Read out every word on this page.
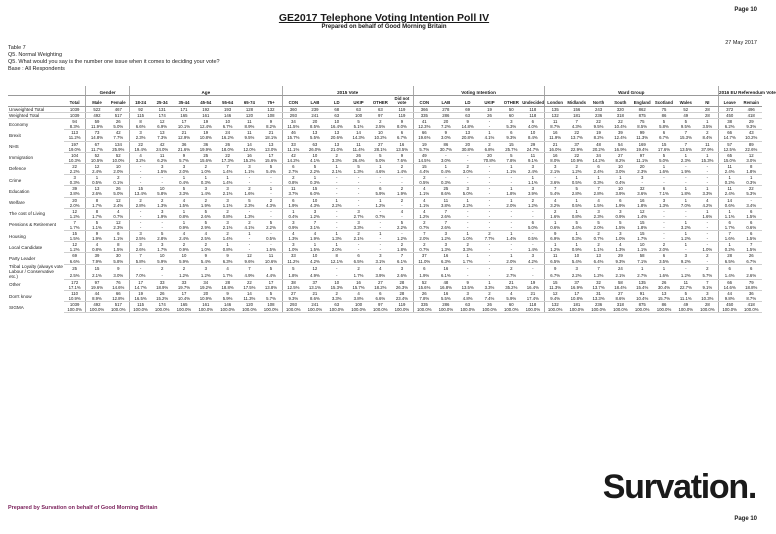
Page 10
GE2017 Telephone Voting Intention Poll IV
Prepared on behalf of Good Morning Britain
27 May 2017
Table 7
Q5. Normal Weighting
Q5. What would you say is the number one issue when it comes to deciding your vote?
Base : All Respondents
		Gender		Age							2015 Vote						Voting Intention						Ward Group								2016 EU Referendum Vote	
	Total	Male	Female	18-24	25-34	35-44	45-54	55-64	65-74	75+	CON	LAB	LD	UKIP	OTHER	Did not vote	CON	LAB	LD	UKIP	OTHER	Undecided	London	Midlands	North	South	England	Scotland	Wales	NI	Leave	Remain
Unweighted Total	1039	522	467	92	131	171	192	193	128	132	360	239	68	63	63	119	366	278	69	19	50	118	135	156	243	320	862	75	52	28	372	496
Weighted Total	1039	492	517	115	174	165	161	146	120	108	293	241	63	100	97	119	335	286	63	26	60	118	132	181	236	318	875	86	49	28	450	418
Economy	94	59	26	8	12	17	19	10	11	9	34	20	10	5	2	9	41	20	9	-	3	6	11	7	22	22	75	5	5	1	38	29
	8.3%	11.9%	5.0%	6.6%	6.9%	10.1%	12.4%	6.7%	8.9%	8.2%	11.5%	8.5%	16.4%	5.1%	2.5%	8.0%	12.3%	7.2%	14.8%	-	5.3%	4.0%	8.7%	4.3%	9.5%	10.4%	8.5%	5.8%	9.5%	3.5%	6.2%	9.3%
Brexit	113	73	42	3	13	21	19	24	11	21	46	13	13	14	10	6	66	9	13	1	6	10	16	22	19	39	99	6	7	2	66	43
	11.2%	14.8%	7.7%	2.3%	7.3%	12.9%	10.8%	16.2%	9.5%	18.1%	15.7%	5.5%	20.6%	14.3%	10.2%	6.7%	19.6%	3.0%	20.8%	4.1%	9.3%	8.4%	11.9%	13.7%	8.2%	12.4%	11.3%	6.7%	15.3%	8.4%	14.7%	10.2%
NHS	197	67	134	22	42	36	36	26	14	13	33	63	13	11	27	16	19	86	20	2	15	29	21	37	48	54	169	15	7	11	57	89
	19.0%	11.7%	25.9%	19.4%	24.0%	21.6%	19.9%	18.0%	12.0%	13.0%	11.1%	26.0%	21.0%	11.4%	28.1%	13.5%	5.7%	30.7%	30.8%	6.8%	25.7%	24.7%	16.0%	22.9%	20.2%	16.9%	19.4%	17.6%	13.5%	37.9%	12.5%	22.6%
Immigration	104	52	52	4	11	9	25	22	16	17	42	10	2	26	5	9	49	-	-	20	5	11	16	22	34	27	97	5	1	1	65	12
	10.3%	10.5%	10.0%	3.2%	6.2%	5.7%	15.6%	17.3%	15.2%	15.6%	14.2%	4.1%	3.3%	26.4%	5.0%	7.6%	14.5%	3.0%	-	70.8%	7.8%	9.1%	8.0%	10.9%	14.2%	8.2%	11.1%	5.0%	2.3%	15.3%	15.0%	3.0%
Defence	22	12	10	-	3	3	2	7	3	5	6	5	1	5	1	2	15	1	2	-	1	3	3	2	6	10	20	1	-	-	11	8
	2.2%	2.4%	2.0%	-	1.5%	2.0%	1.0%	1.4%	1.1%	5.4%	2.7%	2.2%	2.1%	1.3%	4.6%	1.4%	4.4%	0.4%	3.0%	-	1.1%	2.4%	2.1%	1.2%	2.4%	3.0%	2.3%	1.6%	1.9%	-	2.4%	1.8%
Crime	3	1	2	-	-	1	1	1	-	-	2	1	-	-	-	-	2	-	-	-	-	1	-	1	1	1	3	-	-	-	1	1
	0.3%	0.5%	0.1%	-	-	0.4%	0.3%	1.4%	-	-	0.8%	0.3%	-	-	-	-	0.5%	0.3%	-	-	-	1.1%	3.6%	0.5%	0.3%	0.4%	-	-	-	-	0.2%	0.3%
Education	39	13	26	15	10	5	3	3	2	1	11	15	-	-	6	2	4	25	3	-	1	3	7	5	7	10	32	6	1	1	11	22
	3.8%	2.6%	5.0%	13.4%	5.8%	3.3%	1.4%	2.1%	1.6%	-	3.7%	6.0%	-	-	5.9%	1.9%	1.1%	8.6%	5.0%	-	1.8%	3.9%	5.4%	2.8%	2.8%	3.9%	3.6%	7.1%	1.8%	3.3%	2.4%	5.3%
Welfare	20	8	12	2	2	4	2	3	5	2	6	10	1	-	1	2	4	11	1	-	1	2	4	1	4	6	16	3	1	4	14	-
	2.0%	1.7%	2.4%	2.8%	1.3%	1.5%	1.9%	1.1%	2.3%	4.3%	1.9%	4.3%	2.2%	-	1.2%	-	1.1%	3.8%	2.2%	-	2.0%	1.2%	3.2%	0.5%	1.5%	1.9%	1.8%	1.3%	7.0%	4.2%	0.6%	3.4%
The cost of Living	12	8	4	-	3	1	5	2	-	-	1	3	-	3	-	4	4	7	-	-	-	-	2	1	3	3	12	-	-	1	1	6
	1.2%	1.7%	0.7%	-	1.9%	0.8%	2.6%	0.8%	1.3%	-	0.4%	1.2%	-	2.7%	0.7%	-	1.2%	2.6%	-	-	-	-	1.6%	0.8%	2.3%	0.9%	1.4%	-	-	1.6%	1.1%	1.5%
Pensions & Retirement	7	5	12	-	-	1	5	3	2	5	3	7	-	3	-	5	2	7	-	-	-	6	1	5	5	5	15	-	1	-	6	6
	1.7%	1.1%	2.3%	-	-	0.9%	2.9%	2.1%	4.1%	2.2%	0.9%	3.1%	-	3.3%	-	2.2%	0.7%	2.6%	-	-	-	5.0%	0.6%	3.4%	2.0%	1.5%	1.8%	-	3.2%	-	1.7%	0.6%
Housing	15	9	6	3	5	4	4	2	1	-	4	4	1	2	1	-	7	3	1	2	1	-	9	1	2	3	15	-	1	-	7	6
	1.5%	1.9%	1.1%	2.5%	2.8%	2.4%	2.5%	1.4%	-	0.5%	1.3%	1.9%	1.3%	2.1%	-	1.2%	2.0%	1.2%	1.0%	7.7%	1.4%	0.5%	6.9%	0.3%	0.7%	1.0%	1.7%	-	1.2%	-	1.6%	1.5%
Local Candidate	12	4	8	3	3	2	2	1	-	-	3	1	1	-	-	2	2	3	2	-	-	-	1	1	2	4	10	2	1	-	1	7
	1.2%	0.8%	1.5%	2.6%	1.7%	0.9%	1.0%	0.8%	-	1.5%	1.0%	1.5%	2.0%	-	-	1.8%	0.7%	1.3%	3.3%	-	-	1.4%	1.2%	0.9%	1.1%	1.3%	1.1%	2.0%	-	1.0%	0.2%	1.5%
Party Leader	69	39	30	7	10	10	9	9	12	11	33	10	8	6	3	7	37	16	1	-	1	3	11	10	13	29	58	6	3	2	28	26
	6.6%	7.9%	5.8%	5.8%	5.9%	5.9%	5.4%	6.3%	9.6%	10.6%	11.2%	4.2%	12.1%	6.5%	3.1%	6.1%	11.0%	6.3%	1.7%	-	2.0%	4.2%	6.5%	5.4%	6.4%	9.3%	7.1%	3.5%	9.2%	-	6.5%	6.7%
Tribal Loyalty (always vote Labour / Conservative etc.)	25	15	9	-	2	2	3	4	7	5	5	12	-	2	4	3	6	16	-	-	2	-	9	3	7	24	1	1	-	2	6	6
	2.5%	2.1%	3.0%	7.0%	-	1.2%	1.2%	1.7%	4.9%	4.4%	1.8%	4.9%	-	1.7%	3.9%	2.6%	1.9%	6.1%	-	-	2.7%	-	6.7%	2.2%	1.2%	2.1%	2.7%	1.6%	1.2%	5.7%	1.4%	2.6%
Other	172	97	76	17	33	33	34	28	22	17	38	37	10	16	27	28	52	48	9	1	21	19	15	37	32	58	135	26	11	7	66	79
	17.1%	19.6%	14.6%	14.7%	18.9%	19.7%	19.2%	18.8%	17.5%	13.8%	12.5%	13.1%	15.3%	15.7%	18.2%	26.3%	15.6%	16.8%	13.5%	3.3%	35.2%	16.4%	11.3%	16.9%	13.7%	18.4%	15.4%	30.4%	22.7%	9.1%	14.6%	18.8%
Don't know	110	44	66	19	26	17	20	9	14	5	27	21	2	4	6	28	26	16	3	2	4	21	12	17	31	27	91	13	5	3	44	36
	10.9%	8.9%	12.8%	16.5%	15.2%	10.4%	10.9%	5.9%	11.3%	5.7%	9.3%	8.6%	3.3%	3.8%	6.6%	23.4%	7.8%	5.5%	4.8%	7.4%	5.9%	17.4%	9.4%	10.8%	13.3%	8.6%	10.4%	15.7%	11.1%	10.3%	9.8%	8.7%
SIGMA	1039	492	517	115	174	165	161	146	120	108	293	241	63	100	97	119	335	286	63	26	60	118	132	181	236	318	875	86	49	28	450	418
	100.0%	100.0%	100.0%	100.0%	100.0%	100.0%	100.0%	100.0%	100.0%	100.0%	100.0%	100.0%	100.0%	100.0%	100.0%	100.0%	100.0%	100.0%	100.0%	100.0%	100.0%	100.0%	100.0%	100.0%	100.0%	100.0%	100.0%	100.0%	100.0%	100.0%	100.0%	100.0%
Survation.
Prepared by Survation on behalf of Good Morning Britain
Page 10
